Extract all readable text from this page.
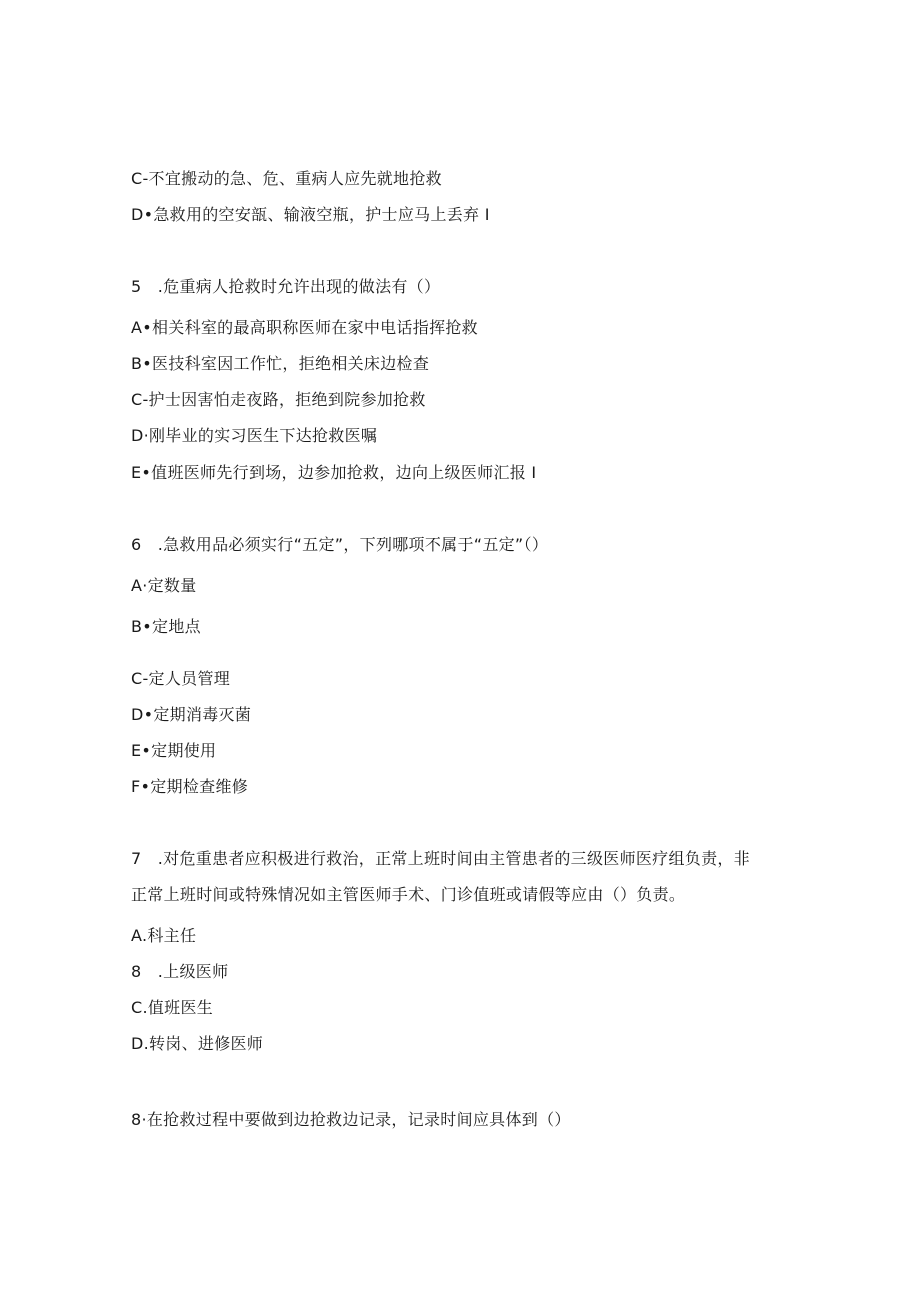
C-不宜搬动的急、危、重病人应先就地抢救
D•急救用的空安瓿、输液空瓶，护士应马上丢弃 I
5　.危重病人抢救时允许出现的做法有（）
A•相关科室的最高职称医师在家中电话指挥抢救
B•医技科室因工作忙，拒绝相关床边检查
C-护士因害怕走夜路，拒绝到院参加抢救
D·刚毕业的实习医生下达抢救医嘱
E•值班医师先行到场，边参加抢救，边向上级医师汇报 I
6　.急救用品必须实行“五定”，下列哪项不属于“五定”（）
A·定数量
B•定地点
C-定人员管理
D•定期消毒灭菌
E•定期使用
F•定期检查维修
7　.对危重患者应积极进行救治，正常上班时间由主管患者的三级医师医疗组负责，非
正常上班时间或特殊情况如主管医师手术、门诊值班或请假等应由（）负责。
A.科主任
8　.上级医师
C.值班医生
D.转岗、进修医师
8·在抢救过程中要做到边抢救边记录，记录时间应具体到（）
